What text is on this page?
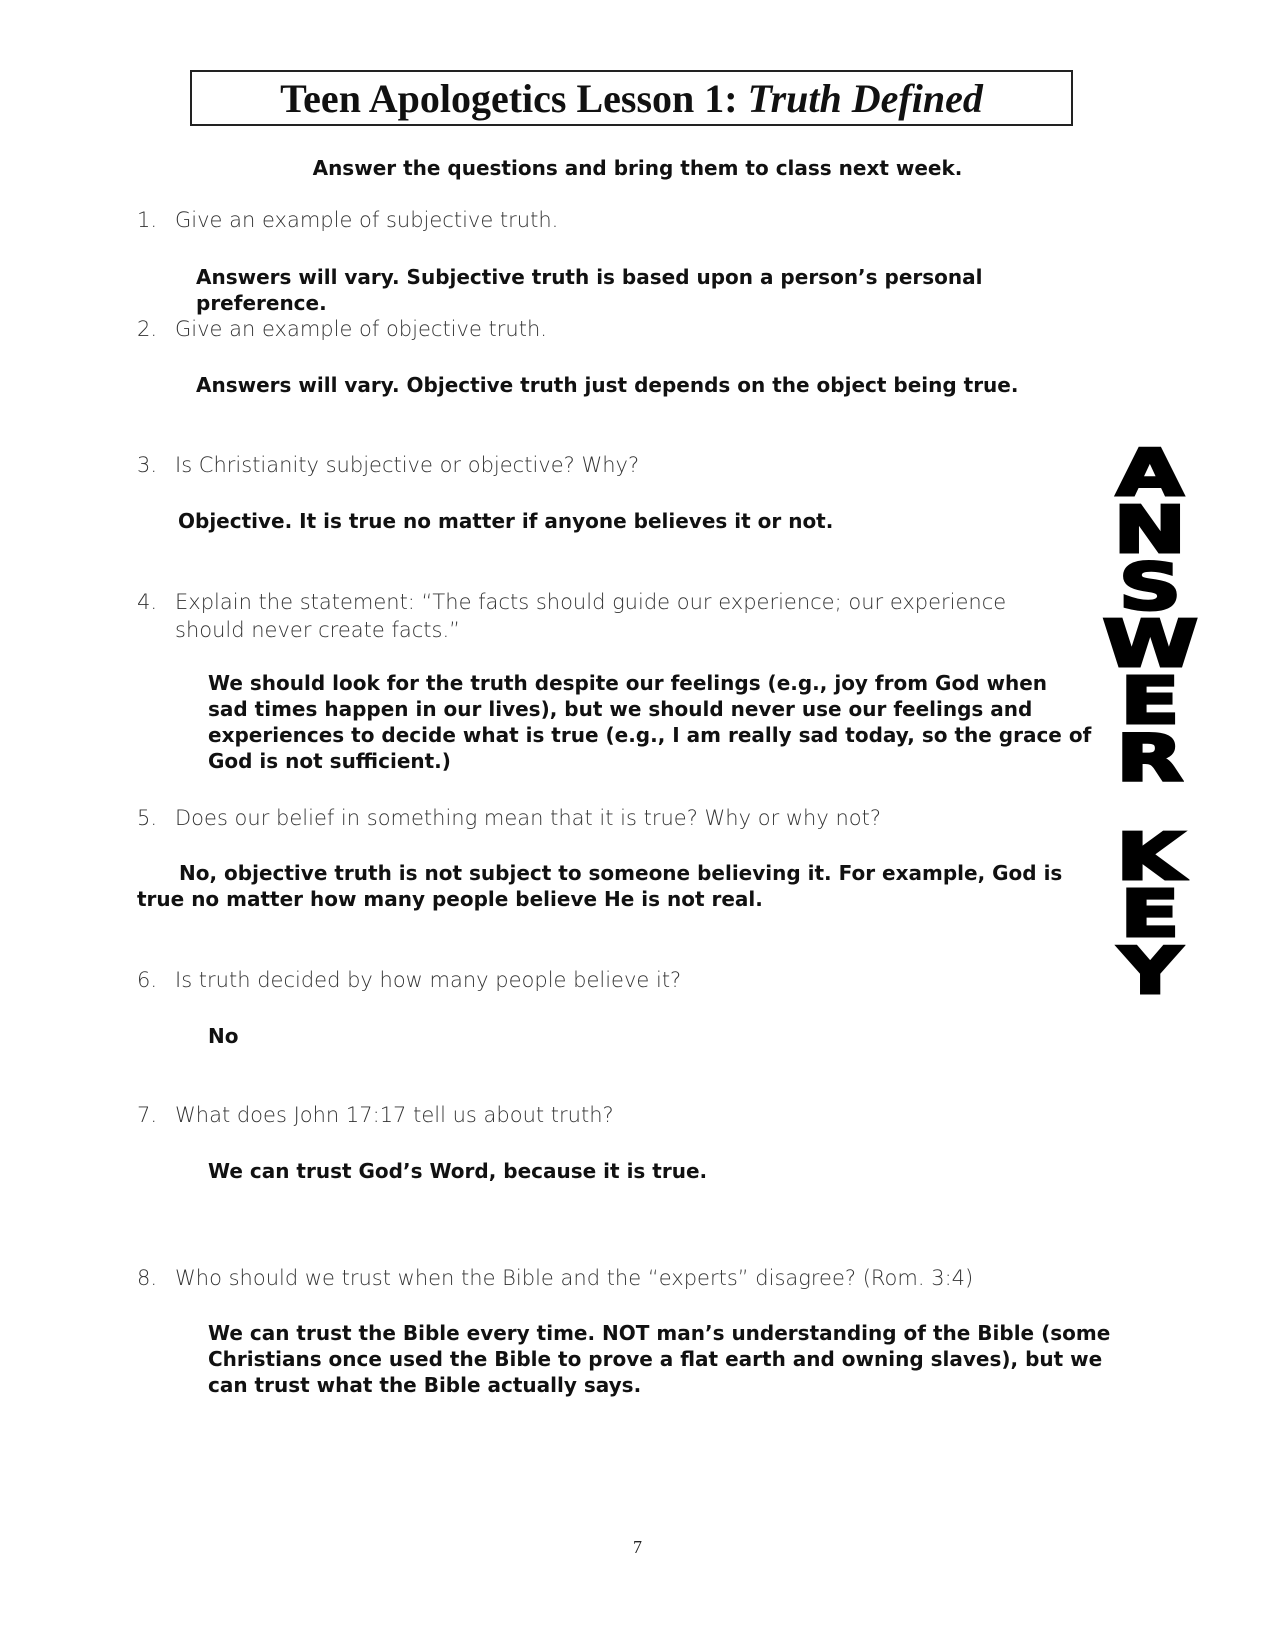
Teen Apologetics Lesson 1:
Truth Defined
Answer the questions and bring them to class next week.
1. Give an example of subjective truth.
Answers will vary. Subjective truth is based upon a person’s personal preference.
2. Give an example of objective truth.
Answers will vary. Objective truth just depends on the object being true.
3. Is Christianity subjective or objective? Why?
Objective. It is true no matter if anyone believes it or not.
4. Explain the statement: “The facts should guide our experience; our experience should never create facts.”
We should look for the truth despite our feelings (e.g., joy from God when sad times happen in our lives), but we should never use our feelings and experiences to decide what is true (e.g., I am really sad today, so the grace of God is not sufficient.)
5. Does our belief in something mean that it is true? Why or why not?
No, objective truth is not subject to someone believing it. For example, God is true no matter how many people believe He is not real.
6. Is truth decided by how many people believe it?
No
7. What does John 17:17 tell us about truth?
We can trust God’s Word, because it is true.
8. Who should we trust when the Bible and the “experts” disagree? (Rom. 3:4)
We can trust the Bible every time. NOT man’s understanding of the Bible (some Christians once used the Bible to prove a flat earth and owning slaves), but we can trust what the Bible actually says.
A
N
S
W
E
R
K
E
Y
7
